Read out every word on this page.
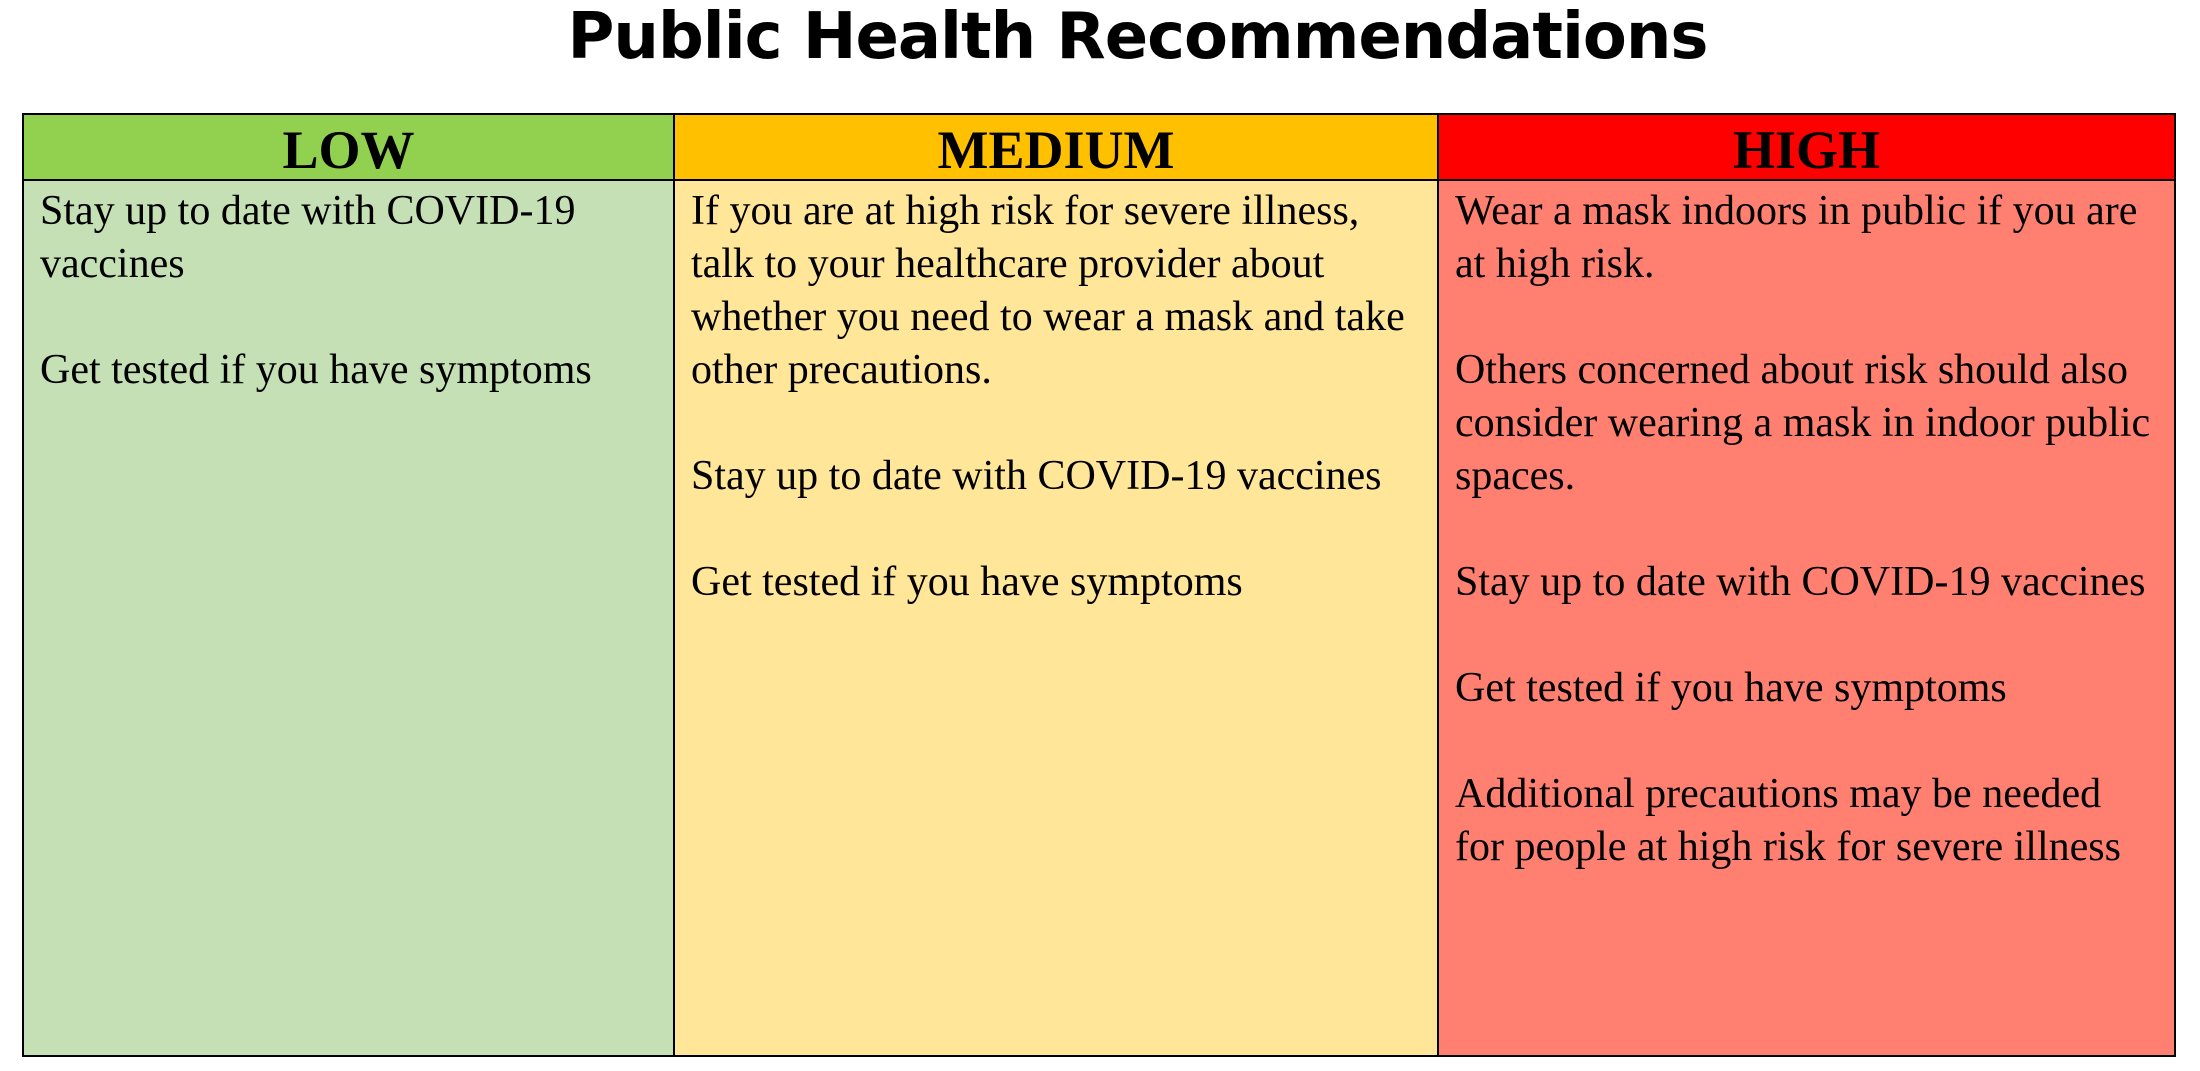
Public Health Recommendations
LOW

Stay up to date with COVID-19 vaccines

Get tested if you have symptoms

MEDIUM

If you are at high risk for severe illness, talk to your healthcare provider about whether you need to wear a mask and take other precautions.

Stay up to date with COVID-19 vaccines

Get tested if you have symptoms

HIGH

Wear a mask indoors in public if you are at high risk.

Others concerned about risk should also consider wearing a mask in indoor public spaces.

Stay up to date with COVID-19 vaccines

Get tested if you have symptoms

Additional precautions may be needed for people at high risk for severe illness
